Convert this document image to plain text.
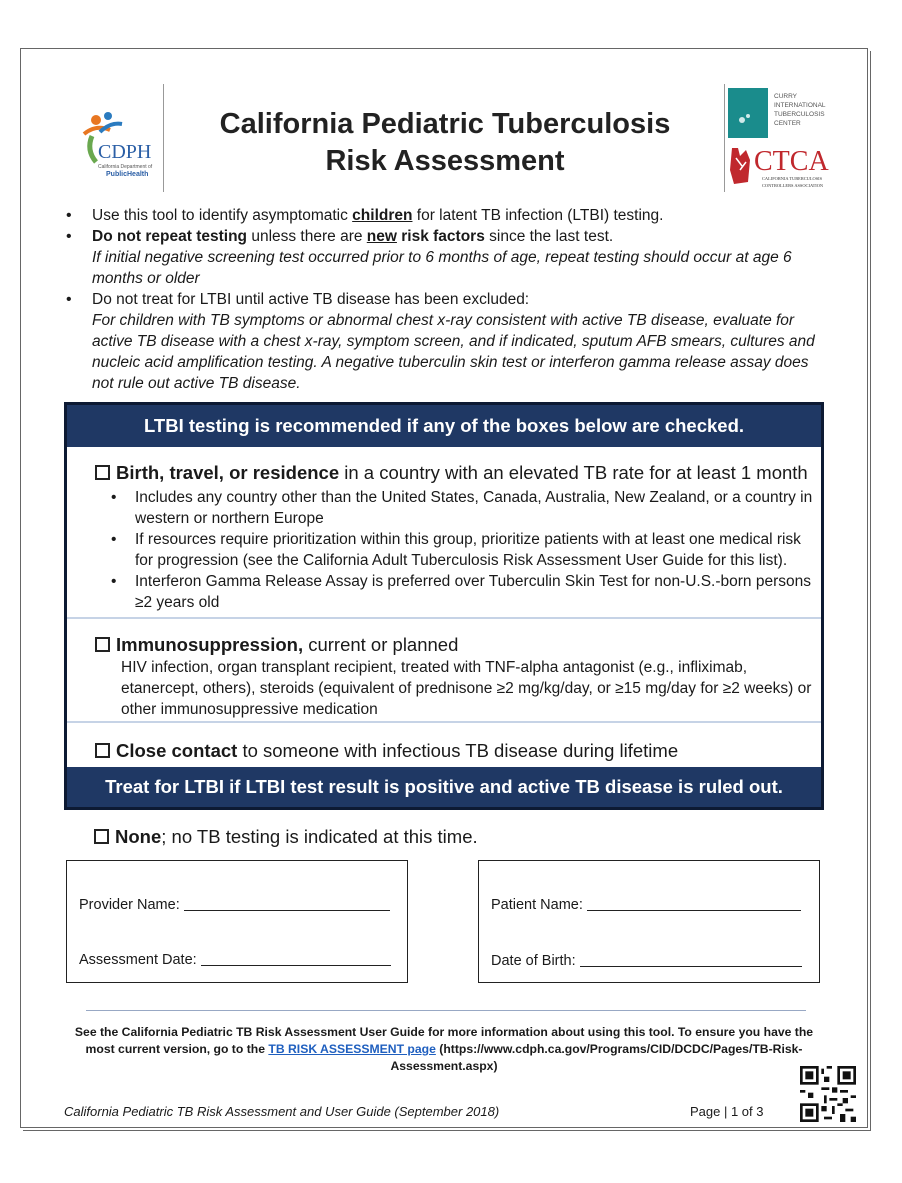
CDPH
California Department of
PublicHealth
California Pediatric Tuberculosis
Risk Assessment
CURRY
INTERNATIONAL
TUBERCULOSIS
CENTER
CTCA
CALIFORNIA TUBERCULOSIS
CONTROLLERS ASSOCIATION
• Use this tool to identify asymptomatic children for latent TB infection (LTBI) testing.
• Do not repeat testing unless there are new risk factors since the last test.
If initial negative screening test occurred prior to 6 months of age, repeat testing should occur at age 6 months or older
• Do not treat for LTBI until active TB disease has been excluded:
For children with TB symptoms or abnormal chest x-ray consistent with active TB disease, evaluate for active TB disease with a chest x-ray, symptom screen, and if indicated, sputum AFB smears, cultures and nucleic acid amplification testing. A negative tuberculin skin test or interferon gamma release assay does not rule out active TB disease.
LTBI testing is recommended if any of the boxes below are checked.
Birth, travel, or residence in a country with an elevated TB rate for at least 1 month
• Includes any country other than the United States, Canada, Australia, New Zealand, or a country in western or northern Europe
• If resources require prioritization within this group, prioritize patients with at least one medical risk for progression (see the California Adult Tuberculosis Risk Assessment User Guide for this list).
• Interferon Gamma Release Assay is preferred over Tuberculin Skin Test for non-U.S.-born persons ≥2 years old
Immunosuppression, current or planned
HIV infection, organ transplant recipient, treated with TNF-alpha antagonist (e.g., infliximab, etanercept, others), steroids (equivalent of prednisone ≥2 mg/kg/day, or ≥15 mg/day for ≥2 weeks) or other immunosuppressive medication
Close contact to someone with infectious TB disease during lifetime
Treat for LTBI if LTBI test result is positive and active TB disease is ruled out.
None; no TB testing is indicated at this time.
Provider Name:
Assessment Date:
Patient Name:
Date of Birth:
See the California Pediatric TB Risk Assessment User Guide for more information about using this tool. To ensure you have the most current version, go to the TB RISK ASSESSMENT page (https://www.cdph.ca.gov/Programs/CID/DCDC/Pages/TB-Risk-Assessment.aspx)
California Pediatric TB Risk Assessment and User Guide (September 2018)	Page | 1 of 3
